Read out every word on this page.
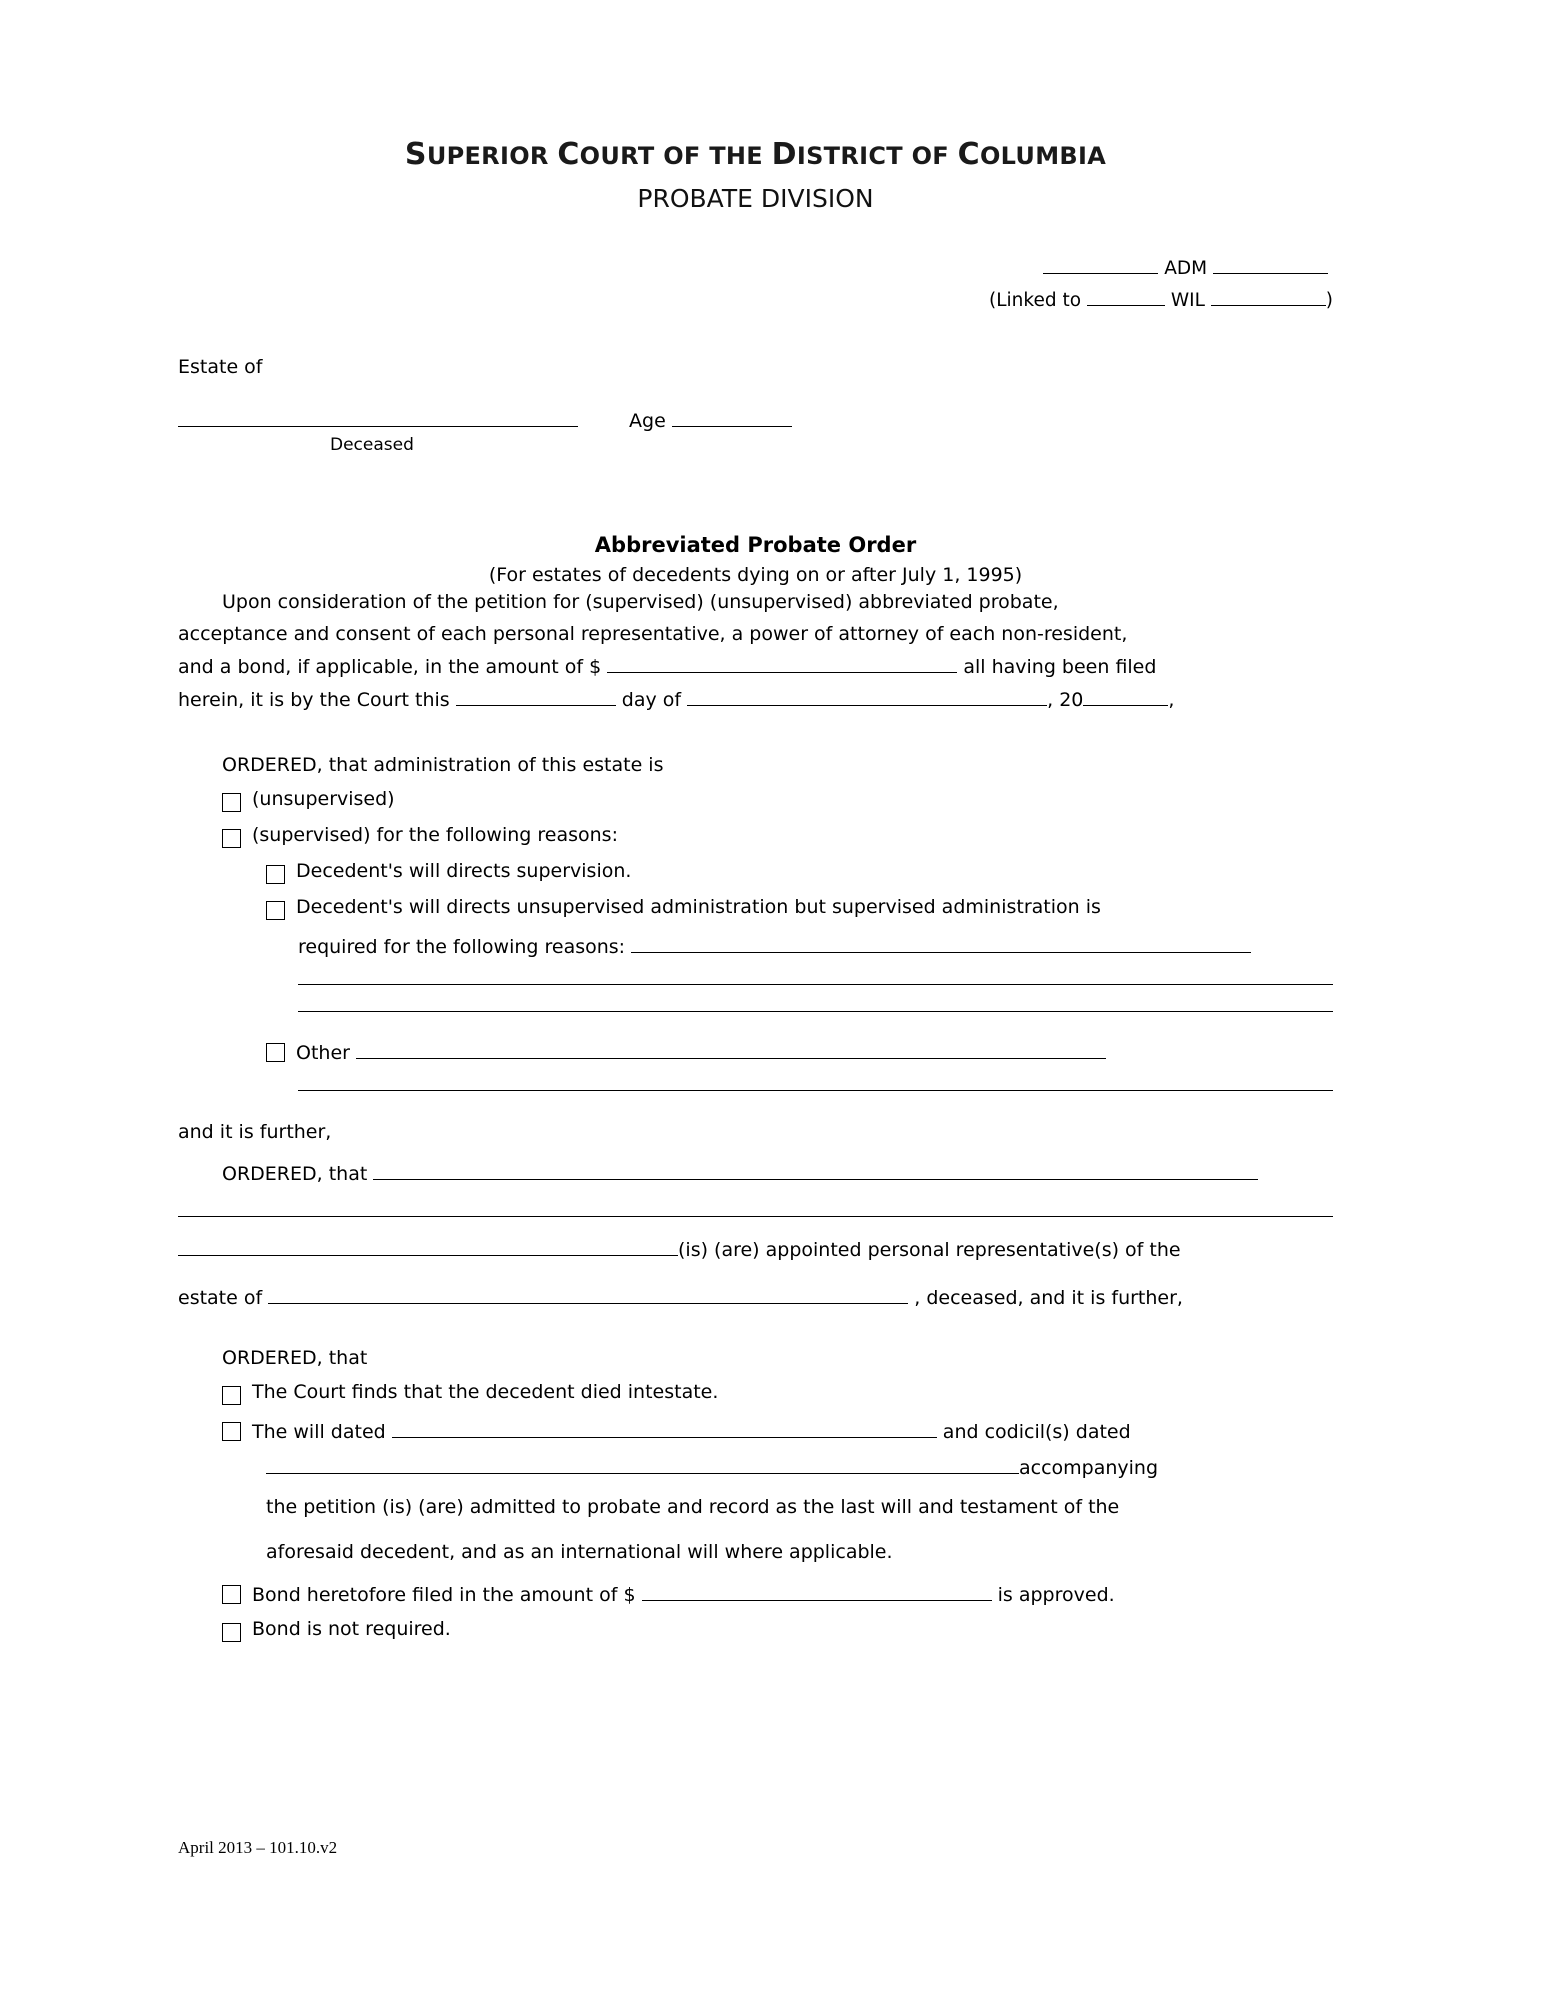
SUPERIOR COURT OF THE DISTRICT OF COLUMBIA
PROBATE DIVISION
ADM
(Linked to	WIL	)
Estate of
Age
Deceased
Abbreviated Probate Order
(For estates of decedents dying on or after July 1, 1995)

Upon consideration of the petition for (supervised) (unsupervised) abbreviated probate,

acceptance and consent of each personal representative, a power of attorney of each non-resident,

and a bond, if applicable, in the amount of $	all having been filed

herein, it is by the Court this	day of	, 20	,

ORDERED, that administration of this estate is
(unsupervised)
(supervised) for the following reasons:
Decedent's will directs supervision.
Decedent's will directs unsupervised administration but supervised administration is
required for the following reasons:
Other
and it is further,
ORDERED, that
(is) (are) appointed personal representative(s) of the
estate of	, deceased, and it is further,
ORDERED, that
The Court finds that the decedent died intestate.
The will dated	and codicil(s) dated
accompanying
the petition (is) (are) admitted to probate and record as the last will and testament of the
aforesaid decedent, and as an international will where applicable.
Bond heretofore filed in the amount of $	is approved.
Bond is not required.
April 2013 – 101.10.v2
